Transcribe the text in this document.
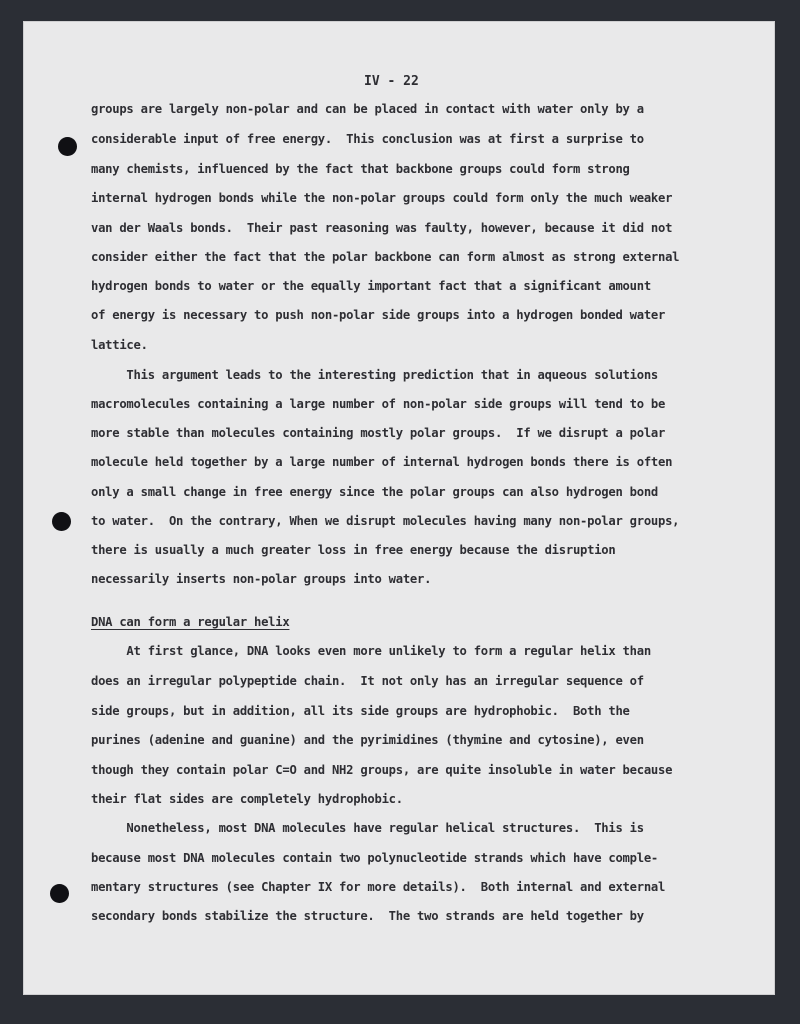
IV - 22
groups are largely non-polar and can be placed in contact with water only by a
considerable input of free energy.  This conclusion was at first a surprise to
many chemists, influenced by the fact that backbone groups could form strong
internal hydrogen bonds while the non-polar groups could form only the much weaker
van der Waals bonds.  Their past reasoning was faulty, however, because it did not
consider either the fact that the polar backbone can form almost as strong external
hydrogen bonds to water or the equally important fact that a significant amount
of energy is necessary to push non-polar side groups into a hydrogen bonded water
lattice.
This argument leads to the interesting prediction that in aqueous solutions
macromolecules containing a large number of non-polar side groups will tend to be
more stable than molecules containing mostly polar groups.  If we disrupt a polar
molecule held together by a large number of internal hydrogen bonds there is often
only a small change in free energy since the polar groups can also hydrogen bond
to water.  On the contrary, When we disrupt molecules having many non-polar groups,
there is usually a much greater loss in free energy because the disruption
necessarily inserts non-polar groups into water.
DNA can form a regular helix
At first glance, DNA looks even more unlikely to form a regular helix than
does an irregular polypeptide chain.  It not only has an irregular sequence of
side groups, but in addition, all its side groups are hydrophobic.  Both the
purines (adenine and guanine) and the pyrimidines (thymine and cytosine), even
though they contain polar C=O and NH2 groups, are quite insoluble in water because
their flat sides are completely hydrophobic.
Nonetheless, most DNA molecules have regular helical structures.  This is
because most DNA molecules contain two polynucleotide strands which have comple-
mentary structures (see Chapter IX for more details).  Both internal and external
secondary bonds stabilize the structure.  The two strands are held together by
